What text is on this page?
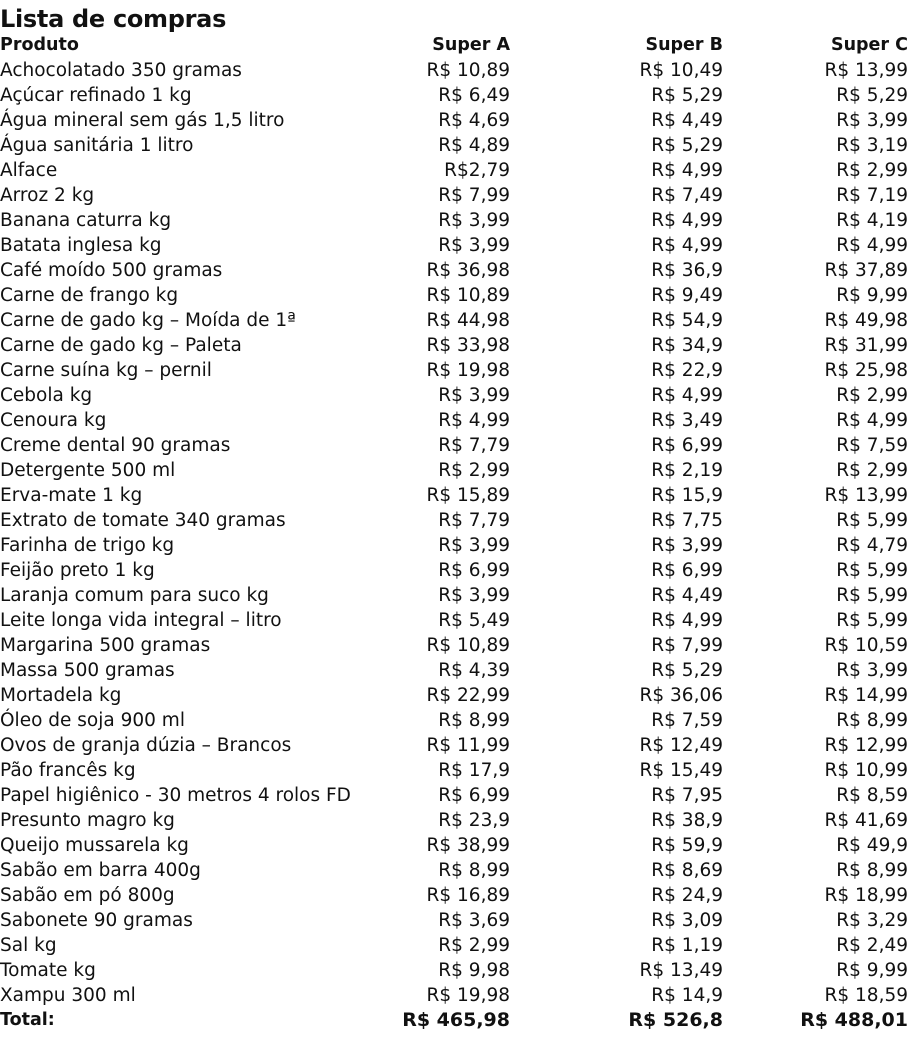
Lista de compras
Produto	Super A	Super B	Super C
Achocolatado 350 gramas	R$ 10,89	R$ 10,49	R$ 13,99
Açúcar refinado 1 kg	R$ 6,49	R$ 5,29	R$ 5,29
Água mineral sem gás 1,5 litro	R$ 4,69	R$ 4,49	R$ 3,99
Água sanitária 1 litro	R$ 4,89	R$ 5,29	R$ 3,19
Alface	R$2,79	R$ 4,99	R$ 2,99
Arroz 2 kg	R$ 7,99	R$ 7,49	R$ 7,19
Banana caturra kg	R$ 3,99	R$ 4,99	R$ 4,19
Batata inglesa kg	R$ 3,99	R$ 4,99	R$ 4,99
Café moído 500 gramas	R$ 36,98	R$ 36,9	R$ 37,89
Carne de frango kg	R$ 10,89	R$ 9,49	R$ 9,99
Carne de gado kg – Moída de 1ª	R$ 44,98	R$ 54,9	R$ 49,98
Carne de gado kg – Paleta	R$ 33,98	R$ 34,9	R$ 31,99
Carne suína kg – pernil	R$ 19,98	R$ 22,9	R$ 25,98
Cebola kg	R$ 3,99	R$ 4,99	R$ 2,99
Cenoura kg	R$ 4,99	R$ 3,49	R$ 4,99
Creme dental 90 gramas	R$ 7,79	R$ 6,99	R$ 7,59
Detergente 500 ml	R$ 2,99	R$ 2,19	R$ 2,99
Erva-mate 1 kg	R$ 15,89	R$ 15,9	R$ 13,99
Extrato de tomate 340 gramas	R$ 7,79	R$ 7,75	R$ 5,99
Farinha de trigo kg	R$ 3,99	R$ 3,99	R$ 4,79
Feijão preto 1 kg	R$ 6,99	R$ 6,99	R$ 5,99
Laranja comum para suco kg	R$ 3,99	R$ 4,49	R$ 5,99
Leite longa vida integral – litro	R$ 5,49	R$ 4,99	R$ 5,99
Margarina 500 gramas	R$ 10,89	R$ 7,99	R$ 10,59
Massa 500 gramas	R$ 4,39	R$ 5,29	R$ 3,99
Mortadela kg	R$ 22,99	R$ 36,06	R$ 14,99
Óleo de soja 900 ml	R$ 8,99	R$ 7,59	R$ 8,99
Ovos de granja dúzia – Brancos	R$ 11,99	R$ 12,49	R$ 12,99
Pão francês kg	R$ 17,9	R$ 15,49	R$ 10,99
Papel higiênico - 30 metros 4 rolos FD	R$ 6,99	R$ 7,95	R$ 8,59
Presunto magro kg	R$ 23,9	R$ 38,9	R$ 41,69
Queijo mussarela kg	R$ 38,99	R$ 59,9	R$ 49,9
Sabão em barra 400g	R$ 8,99	R$ 8,69	R$ 8,99
Sabão em pó 800g	R$ 16,89	R$ 24,9	R$ 18,99
Sabonete 90 gramas	R$ 3,69	R$ 3,09	R$ 3,29
Sal kg	R$ 2,99	R$ 1,19	R$ 2,49
Tomate kg	R$ 9,98	R$ 13,49	R$ 9,99
Xampu 300 ml	R$ 19,98	R$ 14,9	R$ 18,59
Total:	R$ 465,98	R$ 526,8	R$ 488,01
